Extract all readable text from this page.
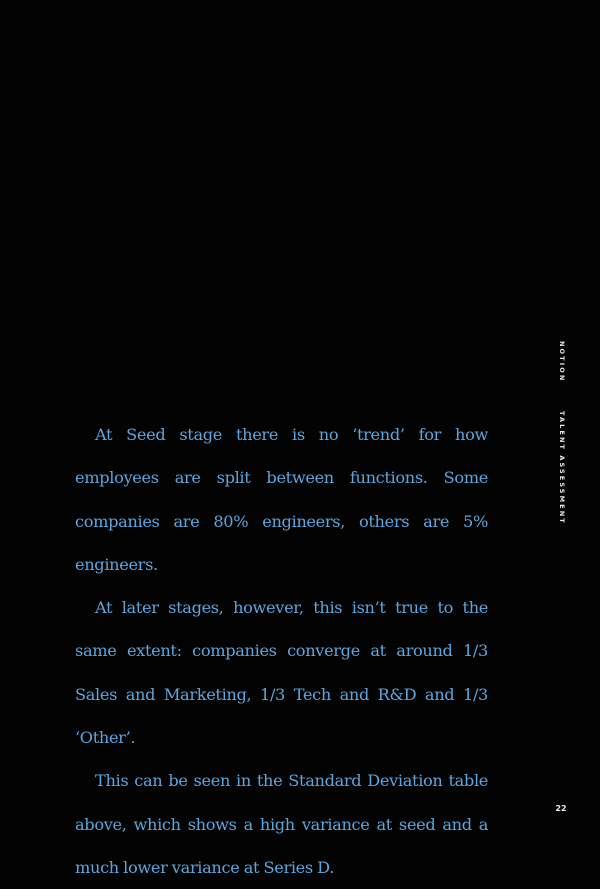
At Seed stage there is no ‘trend’ for how employees are split between functions. Some companies are 80% engineers, others are 5% engineers.

At later stages, however, this isn’t true to the same extent: companies converge at around 1/3 Sales and Marketing, 1/3 Tech and R&D and 1/3 ‘Other’.

This can be seen in the Standard Deviation table above, which shows a high variance at seed and a much lower variance at Series D.

NOTION
TALENT ASSESSMENT
22
